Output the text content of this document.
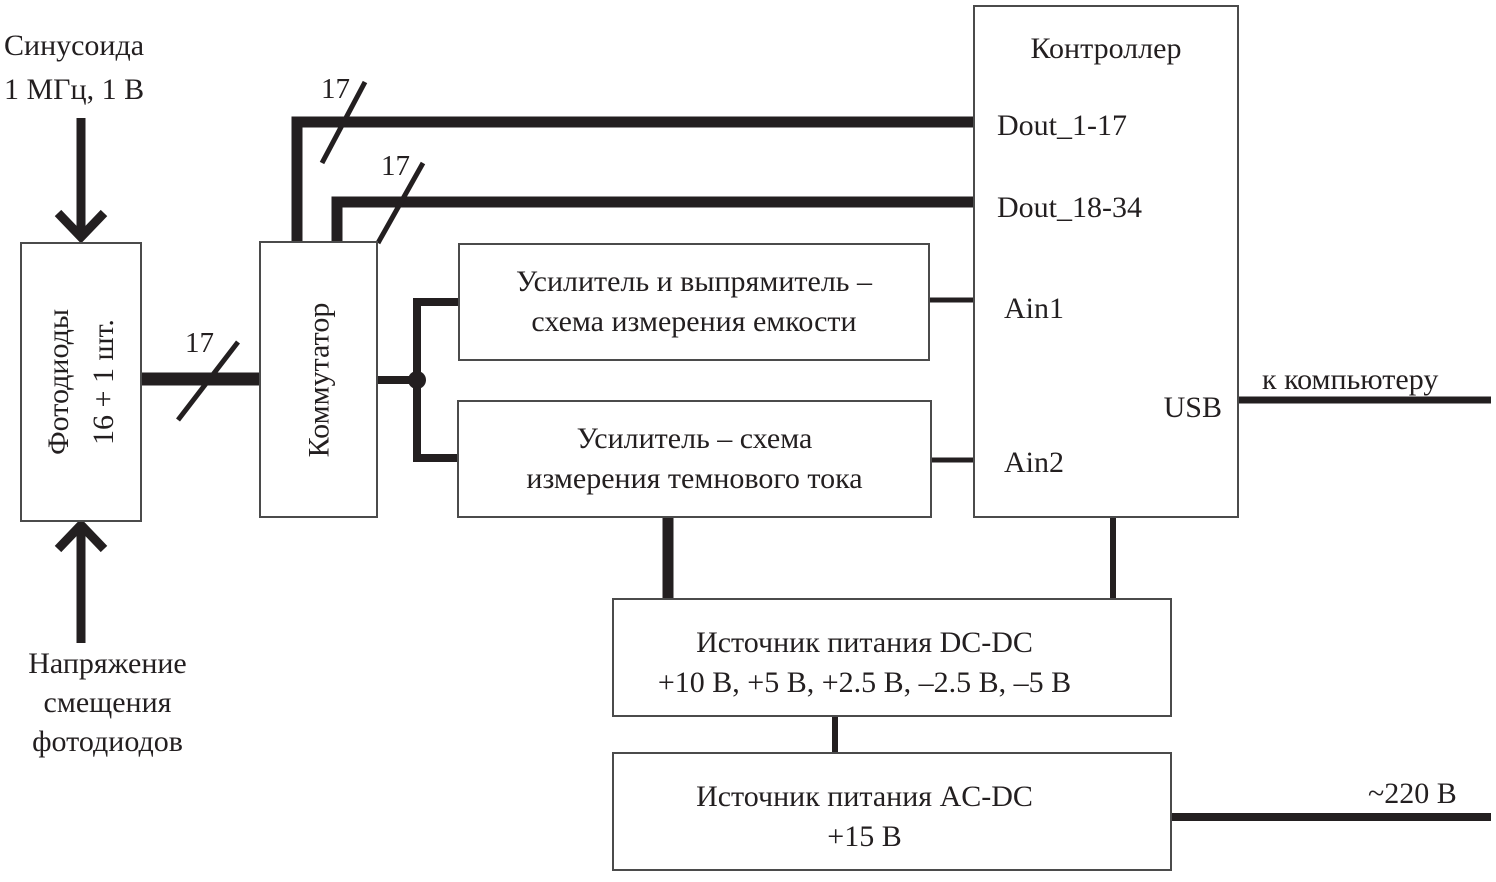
Синусоида
1 МГц, 1 В
Напряжение
смещения
фотодиодов
17
17
17
к компьютеру
~220 В
Фотодиоды 16 + 1 шт.	Коммутатор
Усилитель и выпрямитель –
схема измерения емкости
Усилитель – схема
измерения темнового тока
Контроллер
Dout_1-17
Dout_18-34
Ain1
Ain2
USB
Источник питания DC-DC
+10 В, +5 В, +2.5 В, –2.5 В, –5 В
Источник питания AC-DC
+15 В
